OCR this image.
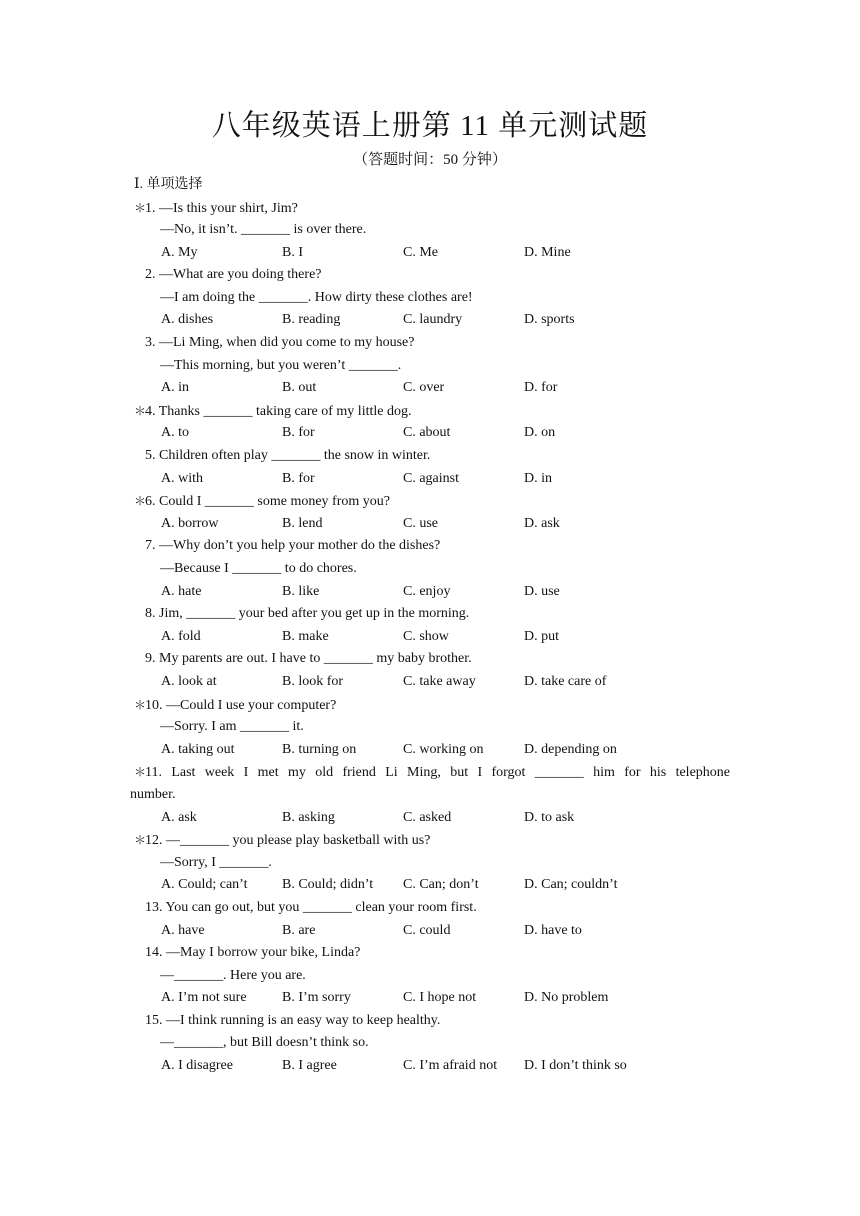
八年级英语上册第 11 单元测试题
（答题时间：50 分钟）
Ⅰ. 单项选择
＊1. —Is this your shirt, Jim?
—No, it isn’t. _______ is over there.
A. My	B. I	C. Me	D. Mine
2. —What are you doing there?
—I am doing the _______. How dirty these clothes are!
A. dishes	B. reading	C. laundry	D. sports
3. —Li Ming, when did you come to my house?
—This morning, but you weren’t _______.
A. in	B. out	C. over	D. for
＊4. Thanks _______ taking care of my little dog.
A. to	B. for	C. about	D. on
5. Children often play _______ the snow in winter.
A. with	B. for	C. against	D. in
＊6. Could I _______ some money from you?
A. borrow	B. lend	C. use	D. ask
7. —Why don’t you help your mother do the dishes?
—Because I _______ to do chores.
A. hate	B. like	C. enjoy	D. use
8. Jim, _______ your bed after you get up in the morning.
A. fold	B. make	C. show	D. put
9. My parents are out. I have to _______ my baby brother.
A. look at	B. look for	C. take away	D. take care of
＊10. —Could I use your computer?
—Sorry. I am _______ it.
A. taking out	B. turning on	C. working on	D. depending on
＊11. Last week I met my old friend Li Ming, but I forgot _______ him for his telephone
number.
A. ask	B. asking	C. asked	D. to ask
＊12. —_______ you please play basketball with us?
—Sorry, I _______.
A. Could; can’t B. Could; didn’t C. Can; don’t	D. Can; couldn’t
13. You can go out, but you _______ clean your room first.
A. have	B. are	C. could	D. have to
14. —May I borrow your bike, Linda?
—_______. Here you are.
A. I’m not sure	B. I’m sorry	C. I hope not	D. No problem
15. —I think running is an easy way to keep healthy.
—_______, but Bill doesn’t think so.
A. I disagree	B. I agree	C. I’m afraid not D. I don’t think so
